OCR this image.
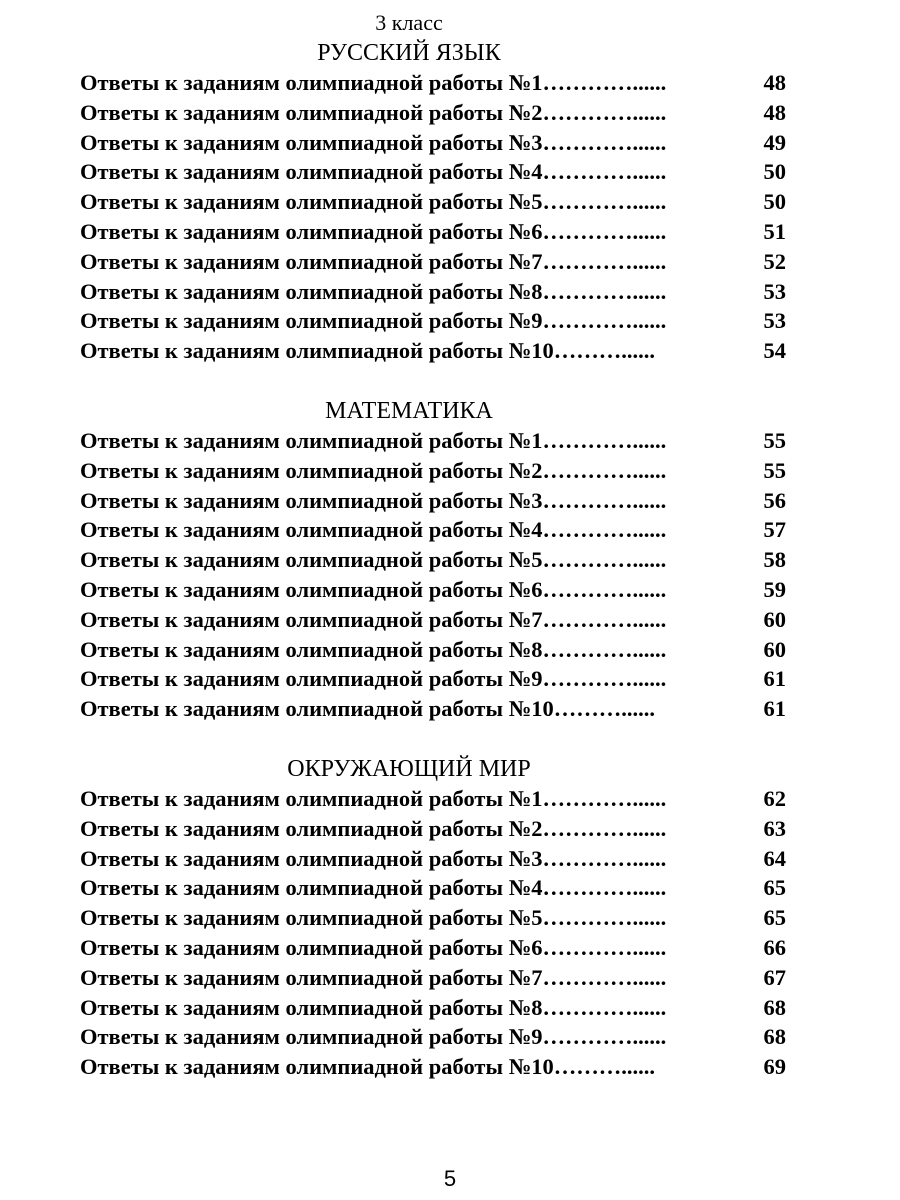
3 класс
РУССКИЙ ЯЗЫК
Ответы к заданиям олимпиадной работы №1…………......	48
Ответы к заданиям олимпиадной работы №2…………......	48
Ответы к заданиям олимпиадной работы №3…………......	49
Ответы к заданиям олимпиадной работы №4…………......	50
Ответы к заданиям олимпиадной работы №5…………......	50
Ответы к заданиям олимпиадной работы №6…………......	51
Ответы к заданиям олимпиадной работы №7…………......	52
Ответы к заданиям олимпиадной работы №8…………......	53
Ответы к заданиям олимпиадной работы №9…………......	53
Ответы к заданиям олимпиадной работы №10………......	54
МАТЕМАТИКА
Ответы к заданиям олимпиадной работы №1…………......	55
Ответы к заданиям олимпиадной работы №2…………......	55
Ответы к заданиям олимпиадной работы №3…………......	56
Ответы к заданиям олимпиадной работы №4…………......	57
Ответы к заданиям олимпиадной работы №5…………......	58
Ответы к заданиям олимпиадной работы №6…………......	59
Ответы к заданиям олимпиадной работы №7…………......	60
Ответы к заданиям олимпиадной работы №8…………......	60
Ответы к заданиям олимпиадной работы №9…………......	61
Ответы к заданиям олимпиадной работы №10………......	61
ОКРУЖАЮЩИЙ МИР
Ответы к заданиям олимпиадной работы №1…………......	62
Ответы к заданиям олимпиадной работы №2…………......	63
Ответы к заданиям олимпиадной работы №3…………......	64
Ответы к заданиям олимпиадной работы №4…………......	65
Ответы к заданиям олимпиадной работы №5…………......	65
Ответы к заданиям олимпиадной работы №6…………......	66
Ответы к заданиям олимпиадной работы №7…………......	67
Ответы к заданиям олимпиадной работы №8…………......	68
Ответы к заданиям олимпиадной работы №9…………......	68
Ответы к заданиям олимпиадной работы №10………......	69
5
